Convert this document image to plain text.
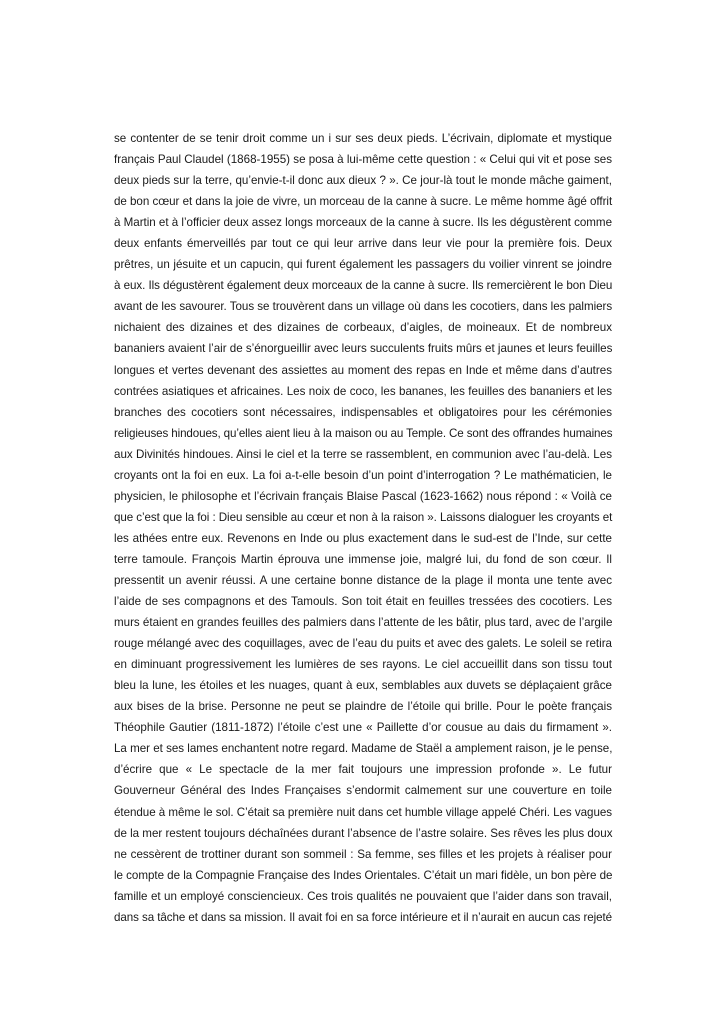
se contenter de se tenir droit comme un i sur ses deux pieds. L’écrivain, diplomate et mystique
français Paul Claudel (1868-1955) se posa à lui-même cette question : « Celui qui vit et pose ses
deux pieds sur la terre, qu’envie-t-il donc aux dieux ? ». Ce jour-là tout le monde mâche gaiment,
de bon cœur et dans la joie de vivre, un morceau de la canne à sucre. Le même homme âgé offrit
à Martin et à l’officier deux assez longs morceaux de la canne à sucre. Ils les dégustèrent comme
deux enfants émerveillés par tout ce qui leur arrive dans leur vie pour la première fois. Deux
prêtres, un jésuite et un capucin, qui furent également les passagers du voilier vinrent se joindre
à eux. Ils dégustèrent également deux morceaux de la canne à sucre. Ils remercièrent le bon Dieu
avant de les savourer. Tous se trouvèrent dans un village où dans les cocotiers, dans les palmiers
nichaient des dizaines et des dizaines de corbeaux, d’aigles, de moineaux. Et de nombreux
bananiers avaient l’air de s’énorgueillir avec leurs succulents fruits mûrs et jaunes et leurs feuilles
longues et vertes devenant des assiettes au moment des repas en Inde et même dans d’autres
contrées asiatiques et africaines. Les noix de coco, les bananes, les feuilles des bananiers et les
branches des cocotiers sont nécessaires, indispensables et obligatoires pour les cérémonies
religieuses hindoues, qu’elles aient lieu à la maison ou au Temple. Ce sont des offrandes humaines
aux Divinités hindoues. Ainsi le ciel et la terre se rassemblent, en communion avec l’au-delà. Les
croyants ont la foi en eux. La foi a-t-elle besoin d’un point d’interrogation ? Le mathématicien, le
physicien, le philosophe et l’écrivain français Blaise Pascal (1623-1662) nous répond : « Voilà ce
que c’est que la foi : Dieu sensible au cœur et non à la raison ». Laissons dialoguer les croyants et
les athées entre eux. Revenons en Inde ou plus exactement dans le sud-est de l’Inde, sur cette
terre tamoule. François Martin éprouva une immense joie, malgré lui, du fond de son cœur. Il
pressentit un avenir réussi. A une certaine bonne distance de la plage il monta une tente avec
l’aide de ses compagnons et des Tamouls. Son toit était en feuilles tressées des cocotiers. Les
murs étaient en grandes feuilles des palmiers dans l’attente de les bâtir, plus tard, avec de l’argile
rouge mélangé avec des coquillages, avec de l’eau du puits et avec des galets. Le soleil se retira
en diminuant progressivement les lumières de ses rayons. Le ciel accueillit dans son tissu tout
bleu la lune, les étoiles et les nuages, quant à eux, semblables aux duvets se déplaçaient grâce
aux bises de la brise. Personne ne peut se plaindre de l’étoile qui brille. Pour le poète français
Théophile Gautier (1811-1872) l’étoile c’est une « Paillette d’or cousue au dais du firmament ».
La mer et ses lames enchantent notre regard. Madame de Staël a amplement raison, je le pense,
d’écrire que « Le spectacle de la mer fait toujours une impression profonde ». Le futur
Gouverneur Général des Indes Françaises s’endormit calmement sur une couverture en toile
étendue à même le sol. C’était sa première nuit dans cet humble village appelé Chéri. Les vagues
de la mer restent toujours déchaînées durant l’absence de l’astre solaire. Ses rêves les plus doux
ne cessèrent de trottiner durant son sommeil : Sa femme, ses filles et les projets à réaliser pour
le compte de la Compagnie Française des Indes Orientales. C’était un mari fidèle, un bon père de
famille et un employé consciencieux. Ces trois qualités ne pouvaient que l’aider dans son travail,
dans sa tâche et dans sa mission. Il avait foi en sa force intérieure et il n’aurait en aucun cas rejeté
